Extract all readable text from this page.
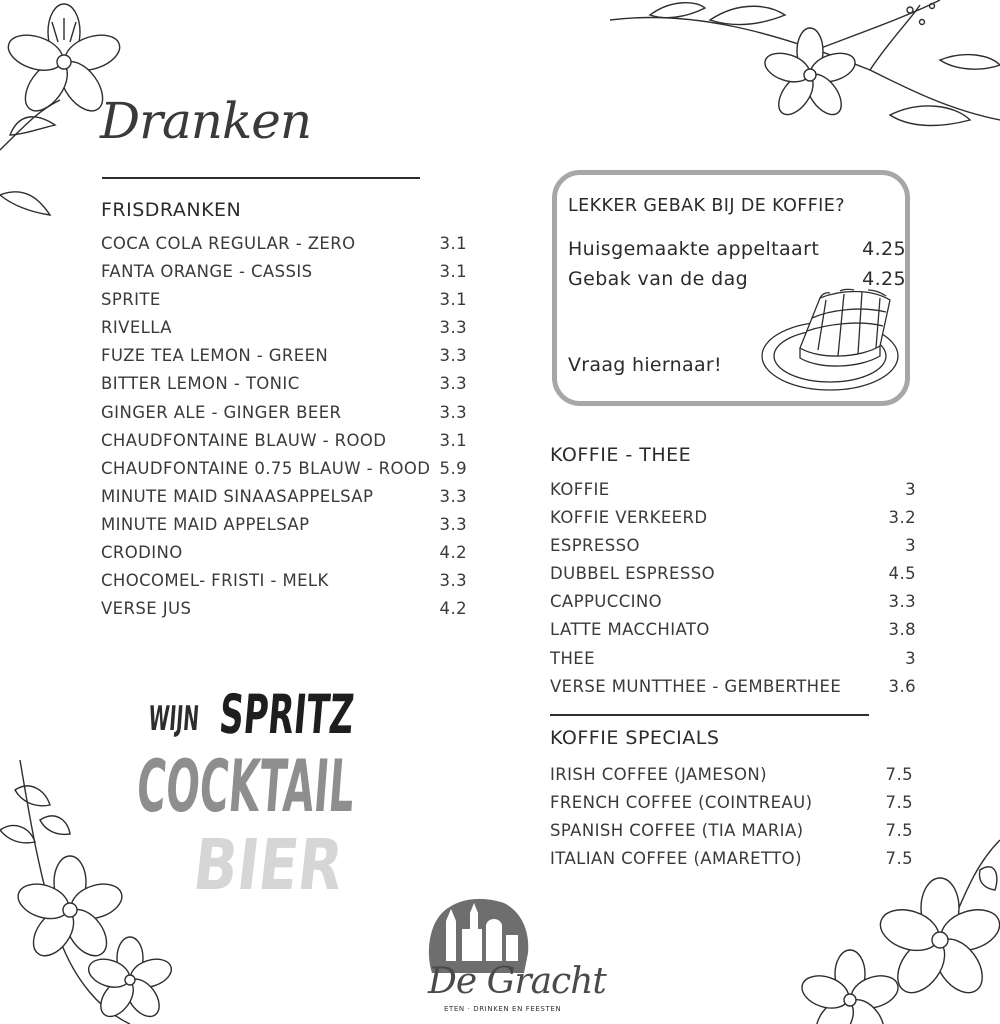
Dranken
FRISDRANKEN
COCA COLA REGULAR - ZERO	3.1
FANTA ORANGE - CASSIS	3.1
SPRITE	3.1
RIVELLA	3.3
FUZE TEA LEMON - GREEN	3.3
BITTER LEMON - TONIC	3.3
GINGER ALE - GINGER BEER	3.3
CHAUDFONTAINE BLAUW - ROOD	3.1
CHAUDFONTAINE 0.75 BLAUW - ROOD 5.9
MINUTE MAID SINAASAPPELSAP	3.3
MINUTE MAID APPELSAP	3.3
CRODINO	4.2
CHOCOMEL- FRISTI - MELK	3.3
VERSE JUS	4.2
LEKKER GEBAK BIJ DE KOFFIE?
Huisgemaakte appeltaart 4.25
Gebak van de dag	4.25
Vraag hiernaar!
KOFFIE - THEE
KOFFIE	3
KOFFIE VERKEERD	3.2
ESPRESSO	3
DUBBEL ESPRESSO	4.5
CAPPUCCINO	3.3
LATTE MACCHIATO	3.8
THEE	3
VERSE MUNTTHEE - GEMBERTHEE	3.6
KOFFIE SPECIALS
IRISH COFFEE (JAMESON)	7.5
FRENCH COFFEE (COINTREAU)	7.5
SPANISH COFFEE (TIA MARIA)	7.5
ITALIAN COFFEE (AMARETTO)	7.5
WIJN SPRITZ
COCKTAIL
BIER
De Gracht
ETEN · DRINKEN EN FEESTEN
